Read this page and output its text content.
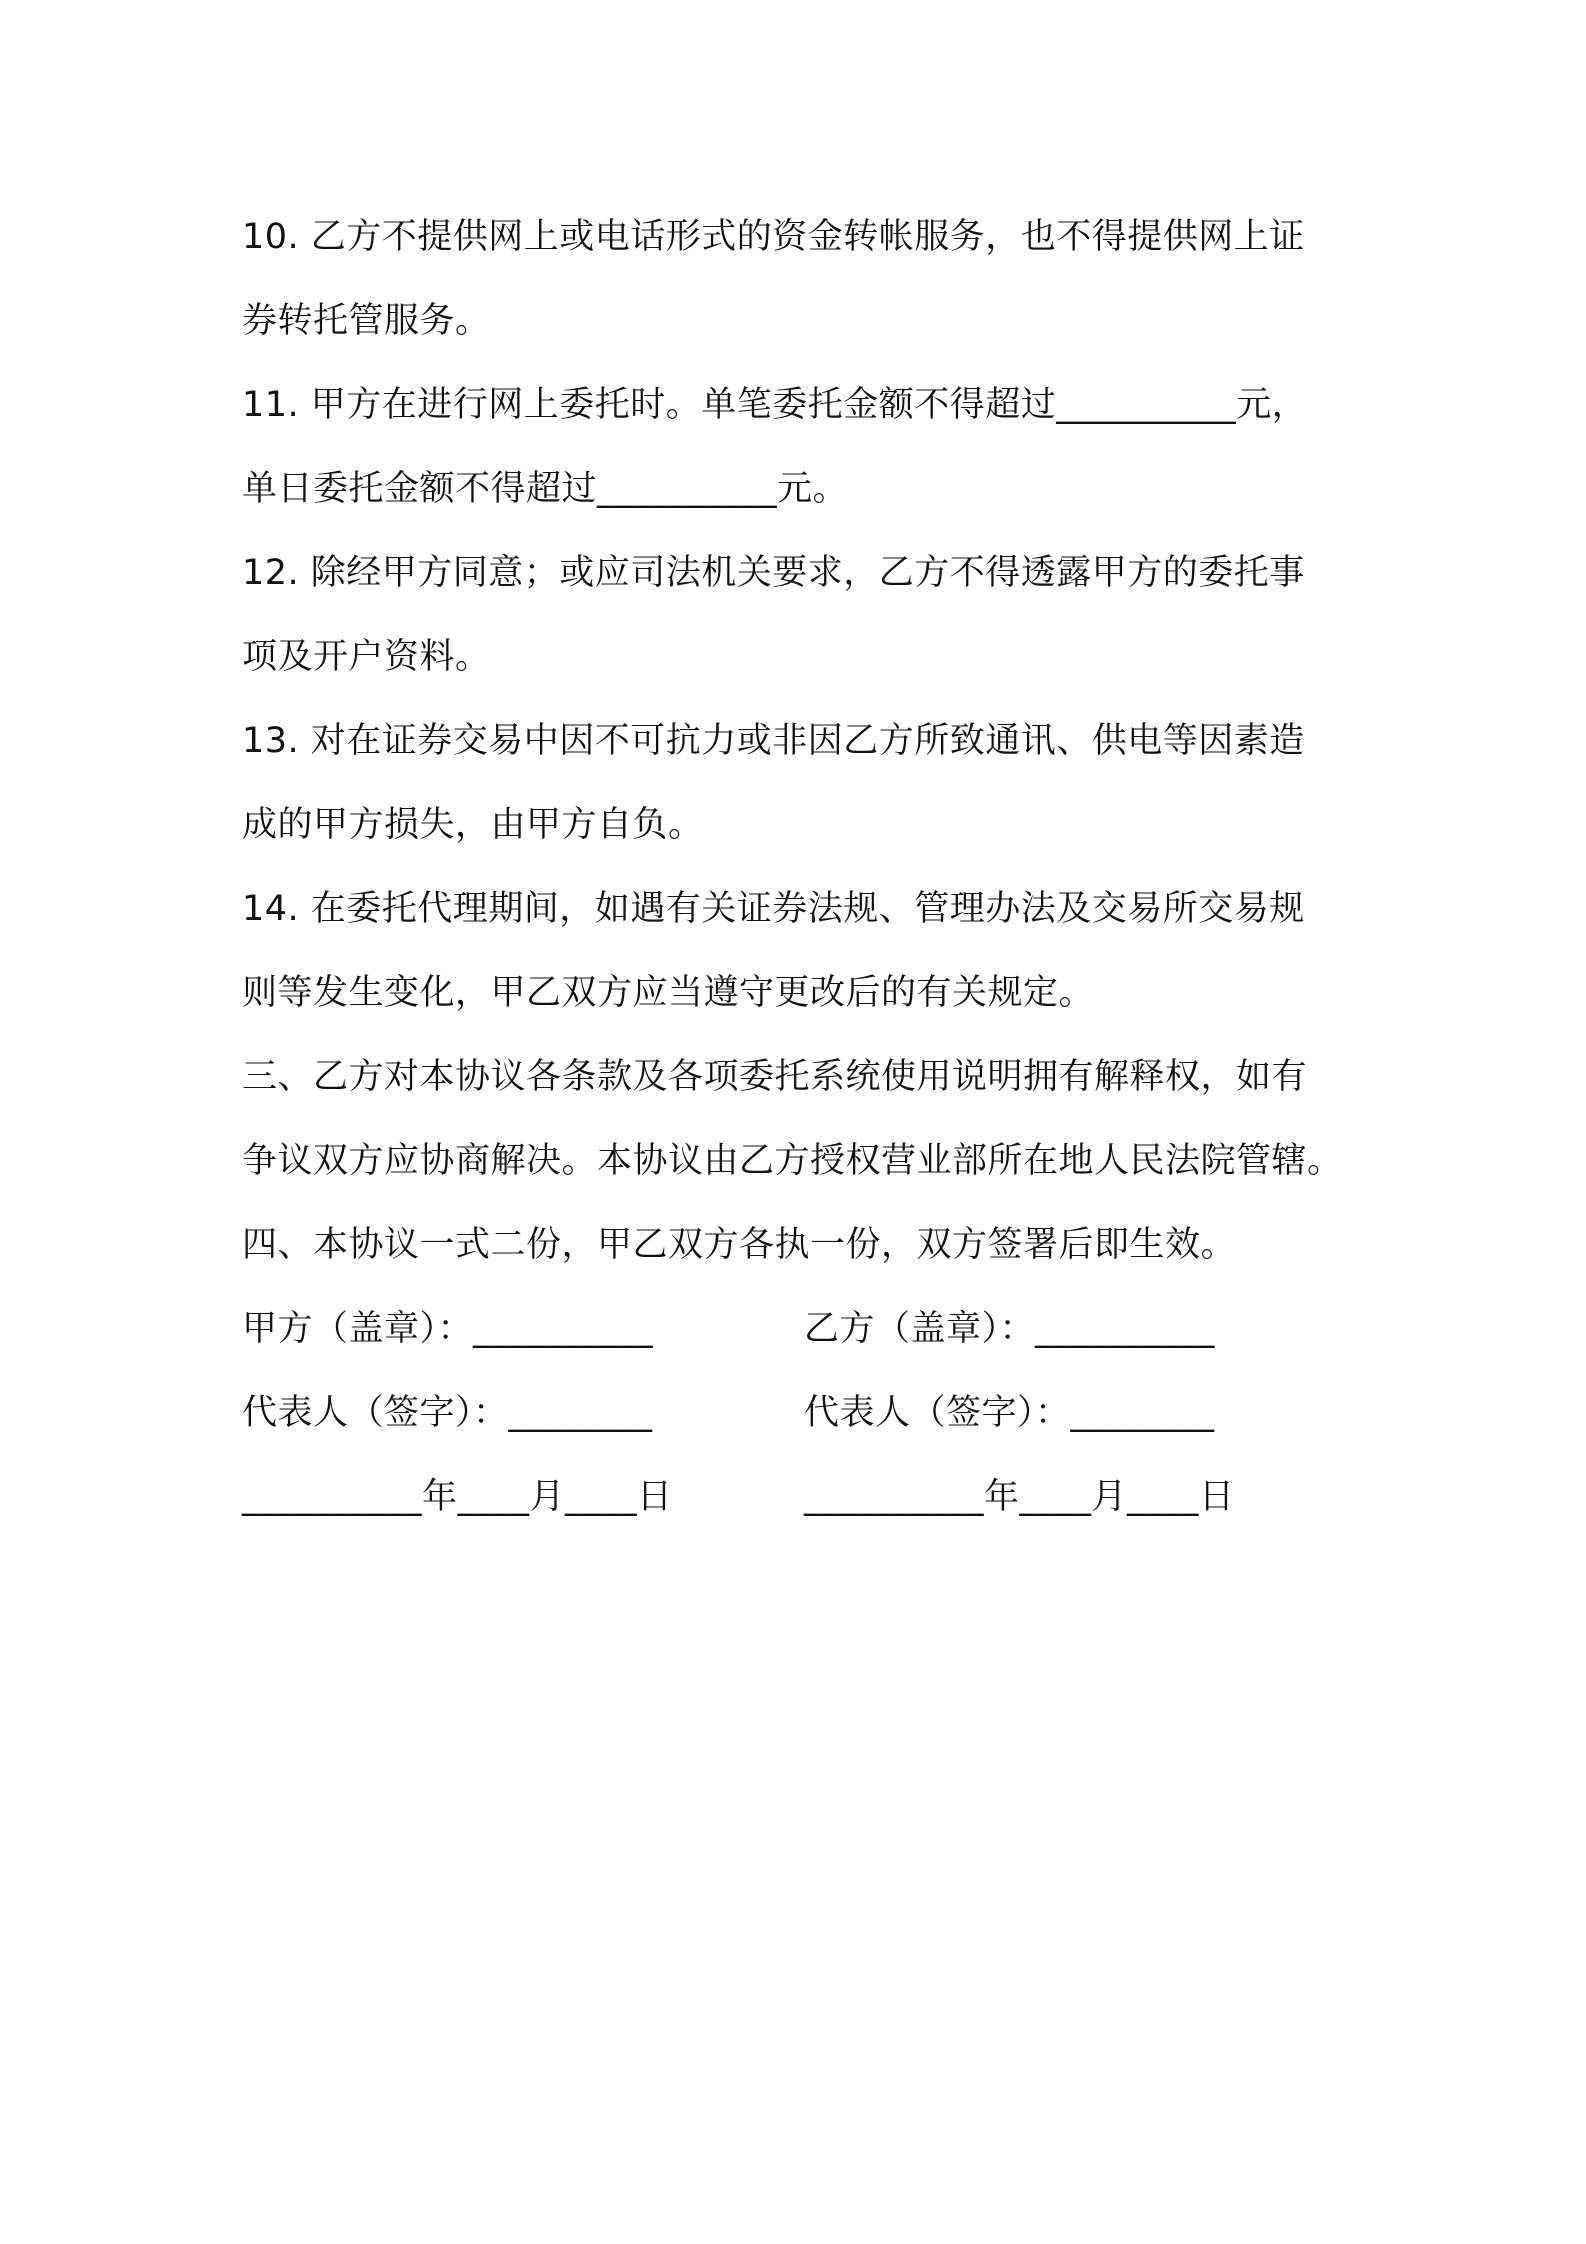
10. 乙方不提供网上或电话形式的资金转帐服务，也不得提供网上证
券转托管服务。
11. 甲方在进行网上委托时。单笔委托金额不得超过__________元，
单日委托金额不得超过__________元。
12. 除经甲方同意；或应司法机关要求，乙方不得透露甲方的委托事
项及开户资料。
13. 对在证券交易中因不可抗力或非因乙方所致通讯、供电等因素造
成的甲方损失，由甲方自负。
14. 在委托代理期间，如遇有关证券法规、管理办法及交易所交易规
则等发生变化，甲乙双方应当遵守更改后的有关规定。
三、乙方对本协议各条款及各项委托系统使用说明拥有解释权，如有
争议双方应协商解决。本协议由乙方授权营业部所在地人民法院管辖。
四、本协议一式二份，甲乙双方各执一份，双方签署后即生效。
甲方（盖章）：__________	乙方（盖章）：__________
代表人（签字）：________	代表人（签字）：________
__________年____月____日	__________年____月____日
